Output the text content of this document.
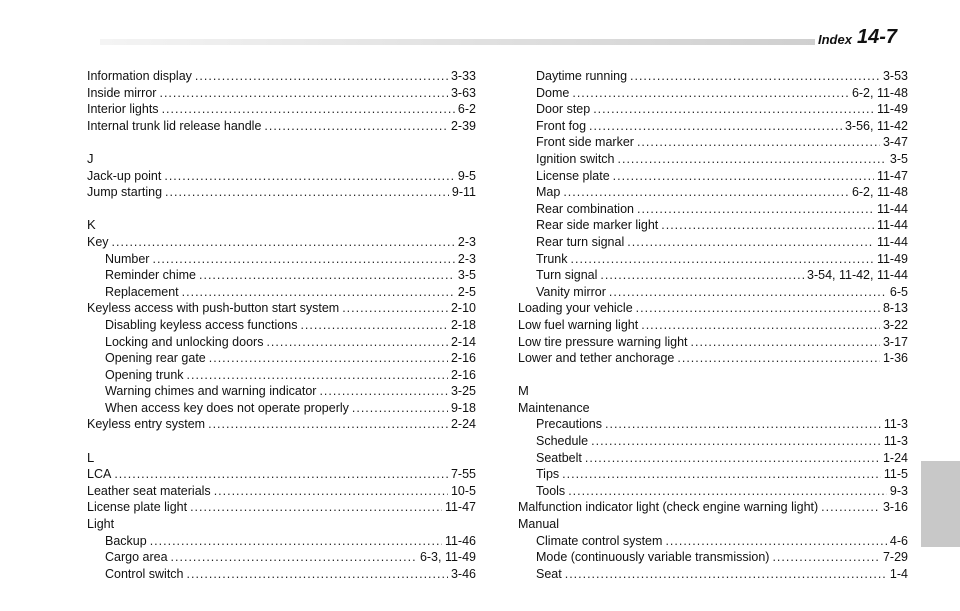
Index 14-7
Information display .....	3-33
Inside mirror .....	3-63
Interior lights .....	6-2
Internal trunk lid release handle .....	2-39
J
Jack-up point .....	9-5
Jump starting .....	9-11
K
Key .....	2-3
Number .....	2-3
Reminder chime .....	3-5
Replacement .....	2-5
Keyless access with push-button start system .....	2-10
Disabling keyless access functions .....	2-18
Locking and unlocking doors .....	2-14
Opening rear gate .....	2-16
Opening trunk .....	2-16
Warning chimes and warning indicator .....	3-25
When access key does not operate properly .....	9-18
Keyless entry system .....	2-24
L
LCA .....	7-55
Leather seat materials .....	10-5
License plate light .....	11-47
Light
Backup .....	11-46
Cargo area .....	6-3, 11-49
Control switch .....	3-46
Daytime running .....	3-53
Dome .....	6-2, 11-48
Door step .....	11-49
Front fog .....	3-56, 11-42
Front side marker .....	3-47
Ignition switch .....	3-5
License plate .....	11-47
Map .....	6-2, 11-48
Rear combination .....	11-44
Rear side marker light .....	11-44
Rear turn signal .....	11-44
Trunk .....	11-49
Turn signal .....	3-54, 11-42, 11-44
Vanity mirror .....	6-5
Loading your vehicle .....	8-13
Low fuel warning light .....	3-22
Low tire pressure warning light .....	3-17
Lower and tether anchorage .....	1-36
M
Maintenance
Precautions .....	11-3
Schedule .....	11-3
Seatbelt .....	1-24
Tips .....	11-5
Tools .....	9-3
Malfunction indicator light (check engine warning light) .....	3-16
Manual
Climate control system .....	4-6
Mode (continuously variable transmission) .....	7-29
Seat .....	1-4
